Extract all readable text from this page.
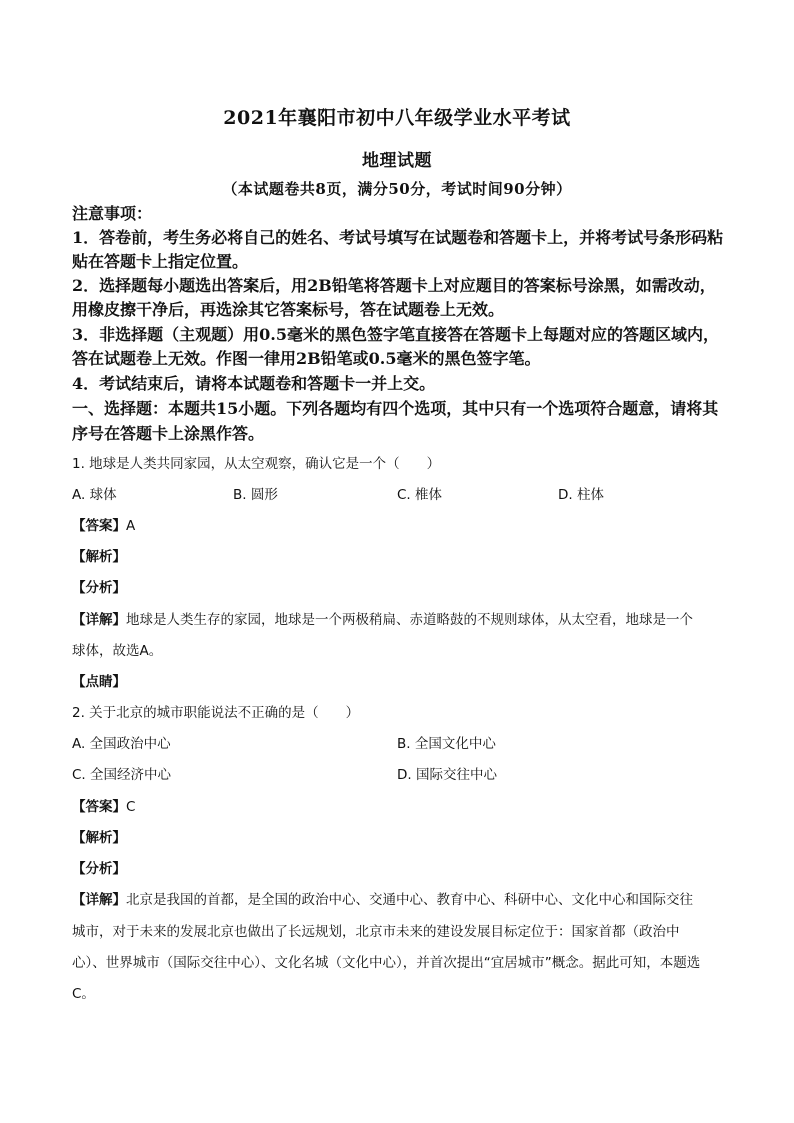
2021年襄阳市初中八年级学业水平考试
地理试题
（本试题卷共8页，满分50分，考试时间90分钟）
注意事项：
1．答卷前，考生务必将自己的姓名、考试号填写在试题卷和答题卡上，并将考试号条形码粘
贴在答题卡上指定位置。
2．选择题每小题选出答案后，用2B铅笔将答题卡上对应题目的答案标号涂黑，如需改动，
用橡皮擦干净后，再选涂其它答案标号，答在试题卷上无效。
3．非选择题（主观题）用0.5毫米的黑色签字笔直接答在答题卡上每题对应的答题区域内，
答在试题卷上无效。作图一律用2B铅笔或0.5毫米的黑色签字笔。
4．考试结束后，请将本试题卷和答题卡一并上交。
一、选择题：本题共15小题。下列各题均有四个选项，其中只有一个选项符合题意，请将其
序号在答题卡上涂黑作答。
1. 地球是人类共同家园，从太空观察，确认它是一个（　　）
A. 球体	B. 圆形	C. 椎体	D. 柱体
【答案】A
【解析】
【分析】
【详解】地球是人类生存的家园，地球是一个两极稍扁、赤道略鼓的不规则球体，从太空看，地球是一个
球体，故选A。
【点睛】
2. 关于北京的城市职能说法不正确的是（　　）
A. 全国政治中心	B. 全国文化中心
C. 全国经济中心	D. 国际交往中心
【答案】C
【解析】
【分析】
【详解】北京是我国的首都，是全国的政治中心、交通中心、教育中心、科研中心、文化中心和国际交往
城市，对于未来的发展北京也做出了长远规划，北京市未来的建设发展目标定位于：国家首都（政治中
心）、世界城市（国际交往中心）、文化名城（文化中心），并首次提出“宜居城市”概念。据此可知，本题选
C。
